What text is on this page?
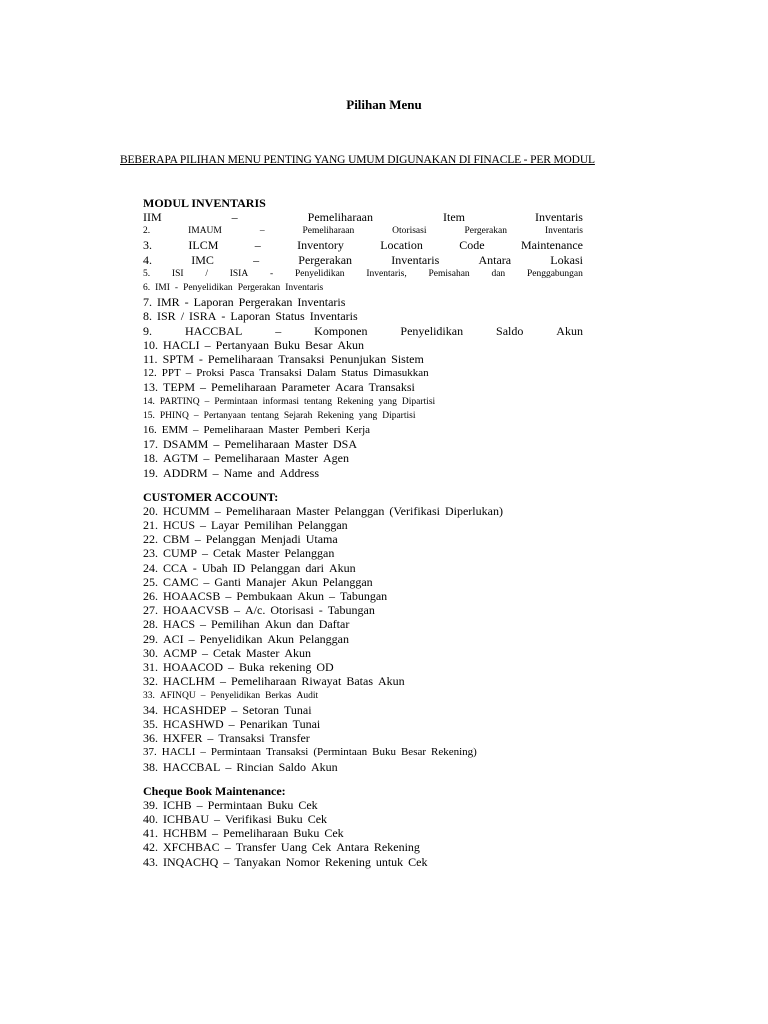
Pilihan Menu
BEBERAPA PILIHAN MENU PENTING YANG UMUM DIGUNAKAN DI FINACLE - PER MODUL
MODUL INVENTARIS
IIM	–	Pemeliharaan	Item	Inventaris
2.	IMAUM	–	Pemeliharaan	Otorisasi	Pergerakan	Inventaris
3.	ILCM	–	Inventory	Location	Code	Maintenance
4.	IMC	–	Pergerakan	Inventaris	Antara	Lokasi
5. ISI / ISIA - Penyelidikan Inventaris, Pemisahan dan Penggabungan
6. IMI - Penyelidikan Pergerakan Inventaris
7. IMR - Laporan Pergerakan Inventaris
8. ISR / ISRA - Laporan Status Inventaris
9.	HACCBAL	–	Komponen	Penyelidikan	Saldo	Akun
10. HACLI – Pertanyaan Buku Besar Akun
11. SPTM - Pemeliharaan Transaksi Penunjukan Sistem
12. PPT – Proksi Pasca Transaksi Dalam Status Dimasukkan
13. TEPM – Pemeliharaan Parameter Acara Transaksi
14. PARTINQ – Permintaan informasi tentang Rekening yang Dipartisi
15. PHINQ – Pertanyaan tentang Sejarah Rekening yang Dipartisi
16. EMM – Pemeliharaan Master Pemberi Kerja
17. DSAMM – Pemeliharaan Master DSA
18. AGTM – Pemeliharaan Master Agen
19. ADDRM – Name and Address
CUSTOMER ACCOUNT:
20. HCUMM – Pemeliharaan Master Pelanggan (Verifikasi Diperlukan)
21. HCUS – Layar Pemilihan Pelanggan
22. CBM – Pelanggan Menjadi Utama
23. CUMP – Cetak Master Pelanggan
24. CCA - Ubah ID Pelanggan dari Akun
25. CAMC – Ganti Manajer Akun Pelanggan
26. HOAACSB – Pembukaan Akun – Tabungan
27. HOAACVSB – A/c. Otorisasi - Tabungan
28. HACS – Pemilihan Akun dan Daftar
29. ACI – Penyelidikan Akun Pelanggan
30. ACMP – Cetak Master Akun
31. HOAACOD – Buka rekening OD
32. HACLHM – Pemeliharaan Riwayat Batas Akun
33. AFINQU – Penyelidikan Berkas Audit
34. HCASHDEP – Setoran Tunai
35. HCASHWD – Penarikan Tunai
36. HXFER – Transaksi Transfer
37. HACLI – Permintaan Transaksi (Permintaan Buku Besar Rekening)
38. HACCBAL – Rincian Saldo Akun
Cheque Book Maintenance:
39. ICHB – Permintaan Buku Cek
40. ICHBAU – Verifikasi Buku Cek
41. HCHBM – Pemeliharaan Buku Cek
42. XFCHBAC – Transfer Uang Cek Antara Rekening
43. INQACHQ – Tanyakan Nomor Rekening untuk Cek
